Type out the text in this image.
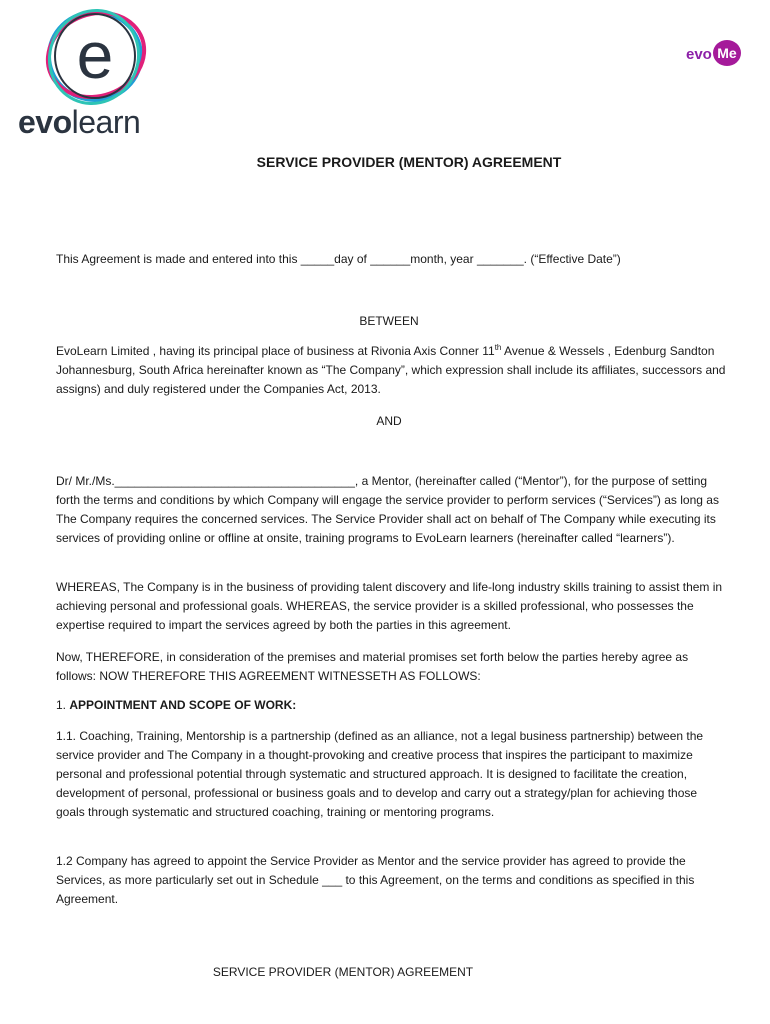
e
evolearn
evo Me
SERVICE PROVIDER (MENTOR) AGREEMENT

This Agreement is made and entered into this _____day of ______month, year _______. (“Effective Date”)

BETWEEN

EvoLearn Limited , having its principal place of business at Rivonia Axis Conner 11th Avenue & Wessels , Edenburg Sandton Johannesburg, South Africa hereinafter known as “The Company”, which expression shall include its affiliates, successors and assigns) and duly registered under the Companies Act, 2013.

AND

Dr/ Mr./Ms.____________________________________, a Mentor, (hereinafter called (“Mentor”), for the purpose of setting forth the terms and conditions by which Company will engage the service provider to perform services (“Services”) as long as The Company requires the concerned services. The Service Provider shall act on behalf of The Company while executing its services of providing online or offline at onsite, training programs to EvoLearn learners (hereinafter called “learners”).

WHEREAS, The Company is in the business of providing talent discovery and life-long industry skills training to assist them in achieving personal and professional goals. WHEREAS, the service provider is a skilled professional, who possesses the expertise required to impart the services agreed by both the parties in this agreement.

Now, THEREFORE, in consideration of the premises and material promises set forth below the parties hereby agree as follows: NOW THEREFORE THIS AGREEMENT WITNESSETH AS FOLLOWS:

1. APPOINTMENT AND SCOPE OF WORK:

1.1. Coaching, Training, Mentorship is a partnership (defined as an alliance, not a legal business partnership) between the service provider and The Company in a thought-provoking and creative process that inspires the participant to maximize personal and professional potential through systematic and structured approach. It is designed to facilitate the creation, development of personal, professional or business goals and to develop and carry out a strategy/plan for achieving those goals through systematic and structured coaching, training or mentoring programs.

1.2 Company has agreed to appoint the Service Provider as Mentor and the service provider has agreed to provide the Services, as more particularly set out in Schedule ___ to this Agreement, on the terms and conditions as specified in this Agreement.

SERVICE PROVIDER (MENTOR) AGREEMENT
